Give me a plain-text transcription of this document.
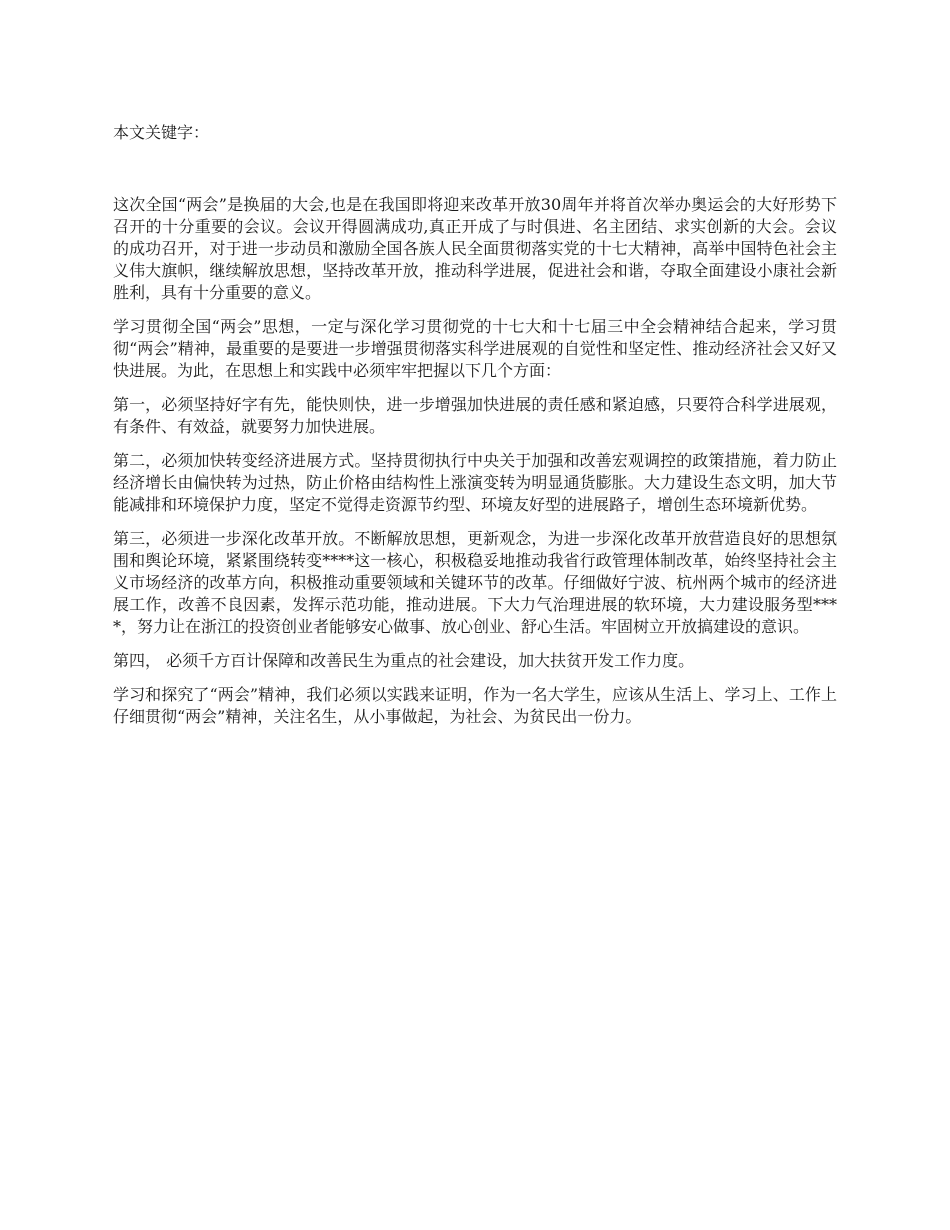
本文关键字：

这次全国“两会”是换届的大会,也是在我国即将迎来改革开放30周年并将首次举办奥运会的大好形势下召开的十分重要的会议。会议开得圆满成功,真正开成了与时俱进、名主团结、求实创新的大会。会议的成功召开，对于进一步动员和激励全国各族人民全面贯彻落实党的十七大精神，高举中国特色社会主义伟大旗帜，继续解放思想，坚持改革开放，推动科学进展，促进社会和谐，夺取全面建设小康社会新胜利，具有十分重要的意义。

学习贯彻全国“两会”思想，一定与深化学习贯彻党的十七大和十七届三中全会精神结合起来，学习贯彻“两会”精神，最重要的是要进一步增强贯彻落实科学进展观的自觉性和坚定性、推动经济社会又好又快进展。为此，在思想上和实践中必须牢牢把握以下几个方面：

第一，必须坚持好字有先，能快则快，进一步增强加快进展的责任感和紧迫感，只要符合科学进展观，有条件、有效益，就要努力加快进展。

第二，必须加快转变经济进展方式。坚持贯彻执行中央关于加强和改善宏观调控的政策措施，着力防止经济增长由偏快转为过热，防止价格由结构性上涨演变转为明显通货膨胀。大力建设生态文明，加大节能减排和环境保护力度，坚定不觉得走资源节约型、环境友好型的进展路子，增创生态环境新优势。

第三，必须进一步深化改革开放。不断解放思想，更新观念，为进一步深化改革开放营造良好的思想氛围和舆论环境，紧紧围绕转变****这一核心，积极稳妥地推动我省行政管理体制改革，始终坚持社会主义市场经济的改革方向，积极推动重要领域和关键环节的改革。仔细做好宁波、杭州两个城市的经济进展工作，改善不良因素，发挥示范功能，推动进展。下大力气治理进展的软环境，大力建设服务型****，努力让在浙江的投资创业者能够安心做事、放心创业、舒心生活。牢固树立开放搞建设的意识。

第四， 必须千方百计保障和改善民生为重点的社会建设，加大扶贫开发工作力度。

学习和探究了“两会”精神，我们必须以实践来证明，作为一名大学生，应该从生活上、学习上、工作上仔细贯彻“两会”精神，关注名生，从小事做起，为社会、为贫民出一份力。
